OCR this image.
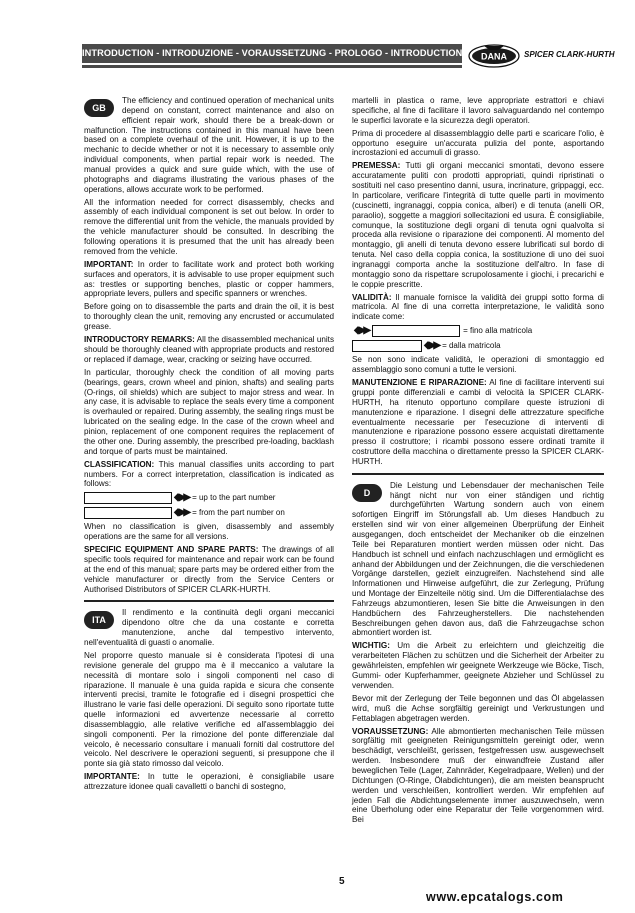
INTRODUCTION - INTRODUZIONE - VORAUSSETZUNG - PROLOGO - INTRODUCTION DANA SPICER CLARK-HURTH

GB
The efficiency and continued operation of mechanical units depend on constant, correct maintenance and also on efficient repair work, should there be a break-down or malfunction. The instructions contained in this manual have been based on a complete overhaul of the unit. However, it is up to the mechanic to decide whether or not it is necessary to assemble only individual components, when partial repair work is needed. The manual provides a quick and sure guide which, with the use of photographs and diagrams illustrating the various phases of the operations, allows accurate work to be performed.

All the information needed for correct disassembly, checks and assembly of each individual component is set out below. In order to remove the differential unit from the vehicle, the manuals provided by the vehicle manufacturer should be consulted. In describing the following operations it is presumed that the unit has already been removed from the vehicle.

IMPORTANT: In order to facilitate work and protect both working surfaces and operators, it is advisable to use proper equipment such as: trestles or supporting benches, plastic or copper hammers, appropriate levers, pullers and specific spanners or wrenches.

Before going on to disassemble the parts and drain the oil, it is best to thoroughly clean the unit, removing any encrusted or accumulated grease.

INTRODUCTORY REMARKS: All the disassembled mechanical units should be thoroughly cleaned with appropriate products and restored or replaced if damage, wear, cracking or seizing have occurred.

In particular, thoroughly check the condition of all moving parts (bearings, gears, crown wheel and pinion, shafts) and sealing parts (O-rings, oil shields) which are subject to major stress and wear. In any case, it is advisable to replace the seals every time a component is overhauled or repaired. During assembly, the sealing rings must be lubricated on the sealing edge. In the case of the crown wheel and pinion, replacement of one component requires the replacement of the other one. During assembly, the prescribed pre-loading, backlash and torque of parts must be maintained.

CLASSIFICATION: This manual classifies units according to part numbers. For a correct interpretation, classification is indicated as follows:

◆▶▶ = up to the part number
◆▶▶ = from the part number on

When no classification is given, disassembly and assembly operations are the same for all versions.

SPECIFIC EQUIPMENT AND SPARE PARTS: The drawings of all specific tools required for maintenance and repair work can be found at the end of this manual; spare parts may be ordered either from the vehicle manufacturer or directly from the Service Centers or Authorised Distributors of SPICER CLARK-HURTH.

ITA
Il rendimento e la continuità degli organi meccanici dipendono oltre che da una costante e corretta manutenzione, anche dal tempestivo intervento, nell'eventualità di guasti o anomalie.

Nel proporre questo manuale si è considerata l'ipotesi di una revisione generale del gruppo ma è il meccanico a valutare la necessità di montare solo i singoli componenti nel caso di riparazione. Il manuale è una guida rapida e sicura che consente interventi precisi, tramite le fotografie ed i disegni prospettici che illustrano le varie fasi delle operazioni. Di seguito sono riportate tutte quelle informazioni ed avvertenze necessarie al corretto disassemblaggio, alle relative verifiche ed all'assemblaggio dei singoli componenti. Per la rimozione del ponte differenziale dal veicolo, è necessario consultare i manuali forniti dal costruttore del veicolo. Nel descrivere le operazioni seguenti, si presuppone che il ponte sia già stato rimosso dal veicolo.

IMPORTANTE: In tutte le operazioni, è consigliabile usare attrezzature idonee quali cavalletti o banchi di sostegno,

martelli in plastica o rame, leve appropriate estrattori e chiavi specifiche, al fine di facilitare il lavoro salvaguardando nel contempo le superfici lavorate e la sicurezza degli operatori.

Prima di procedere al disassemblaggio delle parti e scaricare l'olio, è opportuno eseguire un'accurata pulizia del ponte, asportando incrostazioni ed accumuli di grasso.

PREMESSA: Tutti gli organi meccanici smontati, devono essere accuratamente puliti con prodotti appropriati, quindi ripristinati o sostituiti nel caso presentino danni, usura, incrinature, grippaggi, ecc. In particolare, verificare l'integrità di tutte quelle parti in movimento (cuscinetti, ingranaggi, coppia conica, alberi) e di tenuta (anelli OR, paraolio), soggette a maggiori sollecitazioni ed usura. È consigliabile, comunque, la sostituzione degli organi di tenuta ogni qualvolta si proceda alla revisione o riparazione dei componenti. Al momento del montaggio, gli anelli di tenuta devono essere lubrificati sul bordo di tenuta. Nel caso della coppia conica, la sostituzione di uno dei suoi ingranaggi comporta anche la sostituzione dell'altro. In fase di montaggio sono da rispettare scrupolosamente i giochi, i precarichi e le coppie prescritte.

VALIDITÀ: Il manuale fornisce la validità dei gruppi sotto forma di matricola. Al fine di una corretta interpretazione, le validità sono indicate come:

◆▶▶	= fino alla matricola
◆▶▶ = dalla matricola

Se non sono indicate validità, le operazioni di smontaggio ed assemblaggio sono comuni a tutte le versioni.

MANUTENZIONE E RIPARAZIONE: Al fine di facilitare interventi sui gruppi ponte differenziali e cambi di velocità la SPICER CLARK-HURTH, ha ritenuto opportuno compilare queste istruzioni di manutenzione e riparazione. I disegni delle attrezzature specifiche eventualmente necessarie per l'esecuzione di interventi di manutenzione e riparazione possono essere acquistati direttamente presso il costruttore; i ricambi possono essere ordinati tramite il costruttore della macchina o direttamente presso la SPICER CLARK-HURTH.

D
Die Leistung und Lebensdauer der mechanischen Teile hängt nicht nur von einer ständigen und richtig durchgeführten Wartung sondern auch von einem sofortigen Eingriff im Störungsfall ab. Um dieses Handbuch zu erstellen sind wir von einer allgemeinen Überprüfung der Einheit ausgegangen, doch entscheidet der Mechaniker ob die einzelnen Teile bei Reparaturen montiert werden müssen oder nicht. Das Handbuch ist schnell und einfach nachzuschlagen und ermöglicht es anhand der Abbildungen und der Zeichnungen, die die verschiedenen Vorgänge darstellen, gezielt einzugreifen. Nachstehend sind alle Informationen und Hinweise aufgeführt, die zur Zerlegung, Prüfung und Montage der Einzelteile nötig sind. Um die Differentialachse des Fahrzeugs abzumontieren, lesen Sie bitte die Anweisungen in den Handbüchern des Fahrzeugherstellers. Die nachstehenden Beschreibungen gehen davon aus, daß die Fahrzeugachse schon abmontiert worden ist.

WICHTIG: Um die Arbeit zu erleichtern und gleichzeitig die verarbeiteten Flächen zu schützen und die Sicherheit der Arbeiter zu gewährleisten, empfehlen wir geeignete Werkzeuge wie Böcke, Tisch, Gummi- oder Kupferhammer, geeignete Abzieher und Schlüssel zu verwenden.

Bevor mit der Zerlegung der Teile begonnen und das Öl abgelassen wird, muß die Achse sorgfältig gereinigt und Verkrustungen und Fettablagen abgetragen werden.

VORAUSSETZUNG: Alle abmontierten mechanischen Teile müssen sorgfältig mit geeigneten Reinigungsmitteln gereinigt oder, wenn beschädigt, verschleißt, gerissen, festgefressen usw. ausgewechselt werden. Insbesondere muß der einwandfreie Zustand aller beweglichen Teile (Lager, Zahnräder, Kegelradpaare, Wellen) und der Dichtungen (O-Ringe, Ölabdichtungen), die am meisten beansprucht werden und verschleißen, kontrolliert werden. Wir empfehlen auf jeden Fall die Abdichtungselemente immer auszuwechseln, wenn eine Überholung oder eine Reparatur der Teile vorgenommen wird. Bei

5
www.epcatalogs.com
